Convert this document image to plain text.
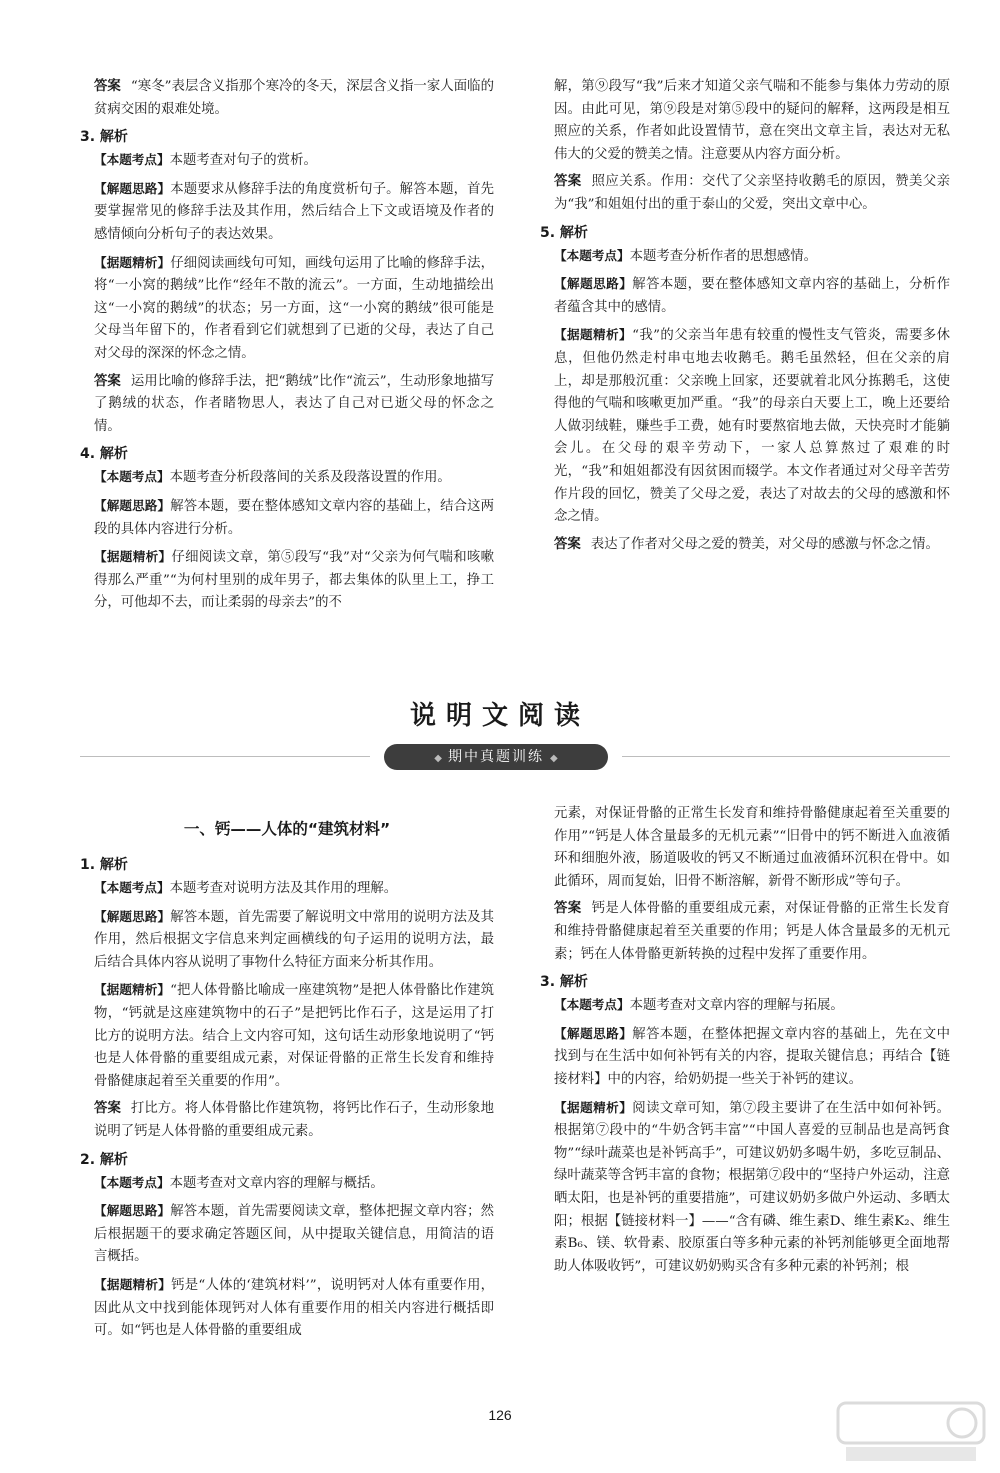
答案 “寒冬”表层含义指那个寒冷的冬天，深层含义指一家人面临的贫病交困的艰难处境。

3. 解析

【本题考点】本题考查对句子的赏析。

【解题思路】本题要求从修辞手法的角度赏析句子。解答本题，首先要掌握常见的修辞手法及其作用，然后结合上下文或语境及作者的感情倾向分析句子的表达效果。

【据题精析】仔细阅读画线句可知，画线句运用了比喻的修辞手法，将“一小窝的鹅绒”比作“经年不散的流云”。一方面，生动地描绘出这“一小窝的鹅绒”的状态；另一方面，这“一小窝的鹅绒”很可能是父母当年留下的，作者看到它们就想到了已逝的父母，表达了自己对父母的深深的怀念之情。

答案 运用比喻的修辞手法，把“鹅绒”比作“流云”，生动形象地描写了鹅绒的状态，作者睹物思人，表达了自己对已逝父母的怀念之情。

4. 解析

【本题考点】本题考查分析段落间的关系及段落设置的作用。

【解题思路】解答本题，要在整体感知文章内容的基础上，结合这两段的具体内容进行分析。

【据题精析】仔细阅读文章，第⑤段写“我”对“父亲为何气喘和咳嗽得那么严重”“为何村里别的成年男子，都去集体的队里上工，挣工分，可他却不去，而让柔弱的母亲去”的不

解，第⑨段写“我”后来才知道父亲气喘和不能参与集体力劳动的原因。由此可见，第⑨段是对第⑤段中的疑问的解释，这两段是相互照应的关系，作者如此设置情节，意在突出文章主旨，表达对无私伟大的父爱的赞美之情。注意要从内容方面分析。

答案 照应关系。作用：交代了父亲坚持收鹅毛的原因，赞美父亲为“我”和姐姐付出的重于泰山的父爱，突出文章中心。

5. 解析

【本题考点】本题考查分析作者的思想感情。

【解题思路】解答本题，要在整体感知文章内容的基础上，分析作者蕴含其中的感情。

【据题精析】“我”的父亲当年患有较重的慢性支气管炎，需要多休息，但他仍然走村串屯地去收鹅毛。鹅毛虽然轻，但在父亲的肩上，却是那般沉重：父亲晚上回家，还要就着北风分拣鹅毛，这使得他的气喘和咳嗽更加严重。“我”的母亲白天要上工，晚上还要给人做羽绒鞋，赚些手工费，她有时要熬宿地去做，天快亮时才能躺会儿。在父母的艰辛劳动下，一家人总算熬过了艰难的时光，“我”和姐姐都没有因贫困而辍学。本文作者通过对父母辛苦劳作片段的回忆，赞美了父母之爱，表达了对故去的父母的感激和怀念之情。

答案 表达了作者对父母之爱的赞美，对父母的感激与怀念之情。

说明文阅读
◆ 期中真题训练 ◆
一、钙——人体的“建筑材料”
1. 解析

【本题考点】本题考查对说明方法及其作用的理解。

【解题思路】解答本题，首先需要了解说明文中常用的说明方法及其作用，然后根据文字信息来判定画横线的句子运用的说明方法，最后结合具体内容从说明了事物什么特征方面来分析其作用。

【据题精析】“把人体骨骼比喻成一座建筑物”是把人体骨骼比作建筑物，“钙就是这座建筑物中的石子”是把钙比作石子，这是运用了打比方的说明方法。结合上文内容可知，这句话生动形象地说明了“钙也是人体骨骼的重要组成元素，对保证骨骼的正常生长发育和维持骨骼健康起着至关重要的作用”。

答案 打比方。将人体骨骼比作建筑物，将钙比作石子，生动形象地说明了钙是人体骨骼的重要组成元素。

2. 解析

【本题考点】本题考查对文章内容的理解与概括。

【解题思路】解答本题，首先需要阅读文章，整体把握文章内容；然后根据题干的要求确定答题区间，从中提取关键信息，用简洁的语言概括。

【据题精析】钙是“人体的‘建筑材料’”，说明钙对人体有重要作用，因此从文中找到能体现钙对人体有重要作用的相关内容进行概括即可。如“钙也是人体骨骼的重要组成

元素，对保证骨骼的正常生长发育和维持骨骼健康起着至关重要的作用”“钙是人体含量最多的无机元素”“旧骨中的钙不断进入血液循环和细胞外液，肠道吸收的钙又不断通过血液循环沉积在骨中。如此循环，周而复始，旧骨不断溶解，新骨不断形成”等句子。

答案 钙是人体骨骼的重要组成元素，对保证骨骼的正常生长发育和维持骨骼健康起着至关重要的作用；钙是人体含量最多的无机元素；钙在人体骨骼更新转换的过程中发挥了重要作用。

3. 解析

【本题考点】本题考查对文章内容的理解与拓展。

【解题思路】解答本题，在整体把握文章内容的基础上，先在文中找到与在生活中如何补钙有关的内容，提取关键信息；再结合【链接材料】中的内容，给奶奶提一些关于补钙的建议。

【据题精析】阅读文章可知，第⑦段主要讲了在生活中如何补钙。根据第⑦段中的“牛奶含钙丰富”“中国人喜爱的豆制品也是高钙食物”“绿叶蔬菜也是补钙高手”，可建议奶奶多喝牛奶，多吃豆制品、绿叶蔬菜等含钙丰富的食物；根据第⑦段中的“坚持户外运动，注意晒太阳，也是补钙的重要措施”，可建议奶奶多做户外运动、多晒太阳；根据【链接材料一】——“含有磷、维生素D、维生素K₂、维生素B₆、镁、软骨素、胶原蛋白等多种元素的补钙剂能够更全面地帮助人体吸收钙”，可建议奶奶购买含有多种元素的补钙剂；根

126
